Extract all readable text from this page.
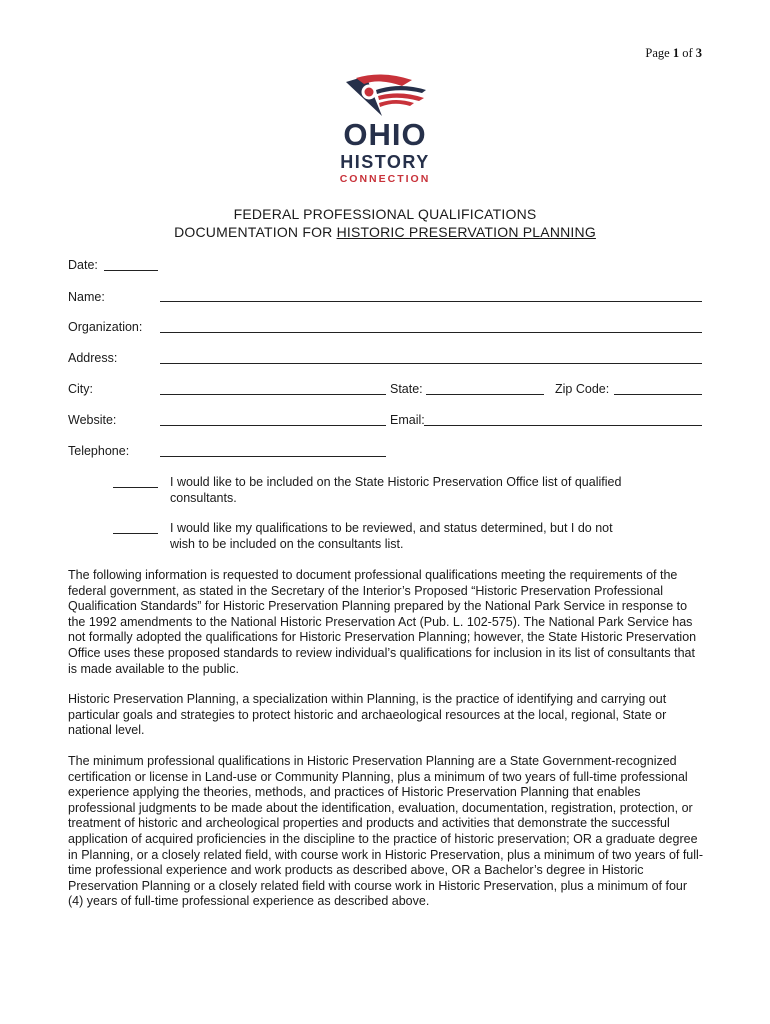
Page 1 of 3
OHIO
HISTORY
CONNECTION
FEDERAL PROFESSIONAL QUALIFICATIONS
DOCUMENTATION FOR HISTORIC PRESERVATION PLANNING
Date:
Name:
Organization:
Address:
City:	State:	Zip Code:
Website:	Email:
Telephone:
I would like to be included on the State Historic Preservation Office list of qualified consultants.
I would like my qualifications to be reviewed, and status determined, but I do not wish to be included on the consultants list.
The following information is requested to document professional qualifications meeting the requirements of the federal government, as stated in the Secretary of the Interior’s Proposed “Historic Preservation Professional Qualification Standards” for Historic Preservation Planning prepared by the National Park Service in response to the 1992 amendments to the National Historic Preservation Act (Pub. L. 102-575). The National Park Service has not formally adopted the qualifications for Historic Preservation Planning; however, the State Historic Preservation Office uses these proposed standards to review individual’s qualifications for inclusion in its list of consultants that is made available to the public.
Historic Preservation Planning, a specialization within Planning, is the practice of identifying and carrying out particular goals and strategies to protect historic and archaeological resources at the local, regional, State or national level.
The minimum professional qualifications in Historic Preservation Planning are a State Government-recognized certification or license in Land-use or Community Planning, plus a minimum of two years of full-time professional experience applying the theories, methods, and practices of Historic Preservation Planning that enables professional judgments to be made about the identification, evaluation, documentation, registration, protection, or treatment of historic and archeological properties and products and activities that demonstrate the successful application of acquired proficiencies in the discipline to the practice of historic preservation; OR a graduate degree in Planning, or a closely related field, with course work in Historic Preservation, plus a minimum of two years of full-time professional experience and work products as described above, OR a Bachelor’s degree in Historic Preservation Planning or a closely related field with course work in Historic Preservation, plus a minimum of four (4) years of full-time professional experience as described above.
